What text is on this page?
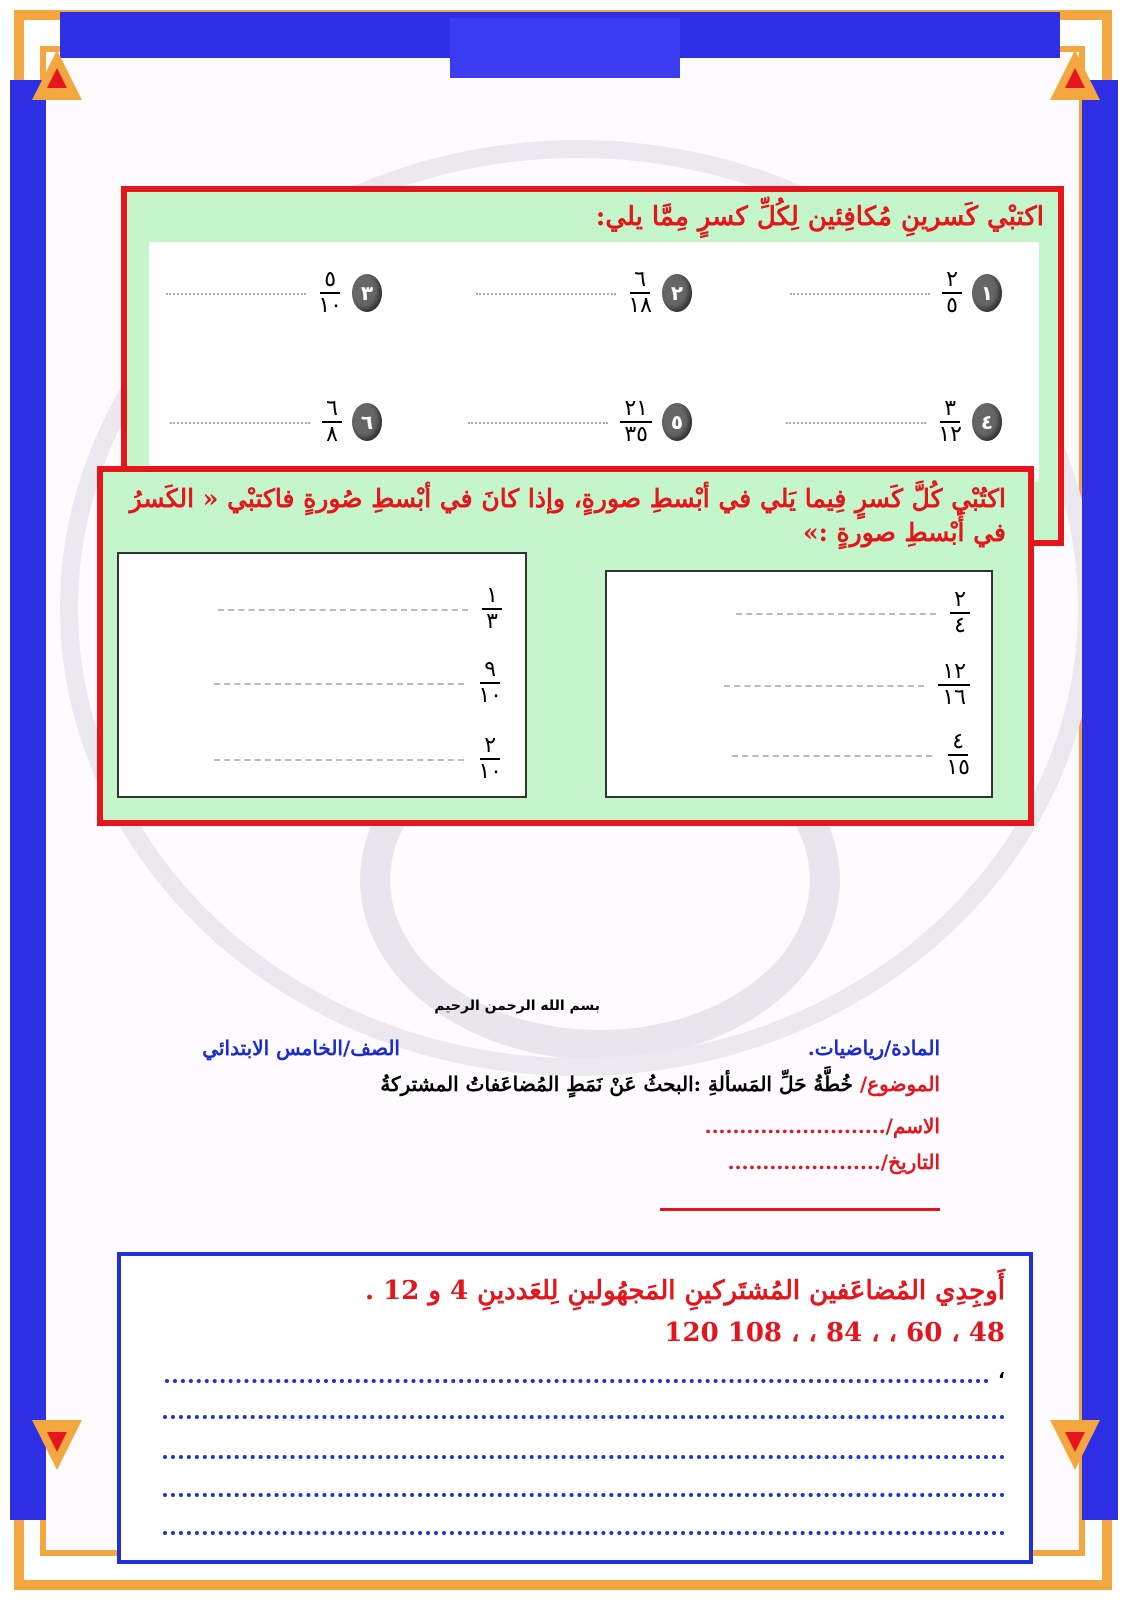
اكتبْي كَسرينِ مُكافِئين لِكُلِّ كسرٍ مِمَّا يلي:
١
$\frac{٢}{٥}$
٢
$\frac{٦}{١٨}$
٣
$\frac{٥}{١٠}$
٤
$\frac{٣}{١٢}$
٥
$\frac{٢١}{٣٥}$
٦
$\frac{٦}{٨}$
اكتُبْي كُلَّ كَسرٍ فِيما يَلي في أبْسطِ صورةٍ، وإذا كانَ في أبْسطِ صُورةٍ فاكتبْي « الكَسرُ في أَبْسطِ صورةٍ :»
$\frac{٢}{٤}$
$\frac{١٢}{١٦}$
$\frac{٤}{١٥}$
$\frac{١}{٣}$
$\frac{٩}{١٠}$
$\frac{٢}{١٠}$
بسم الله الرحمن الرحيم
المادة/رياضيات.
الصف/الخامس الابتدائي
الموضوع/ خُطَّةُ حَلِّ المَسألةِ :البحثُ عَنْ نَمَطٍ المُضاعَفاتُ المشتركةُ
الاسم/..........................
التاريخ/......................
أَوجِدِي المُضاعَفين المُشتَركينِ المَجهُولينِ لِلعَددينِ 4 و 12 .
48 ، 60 ، ، 84 ، ، 108 120
،
